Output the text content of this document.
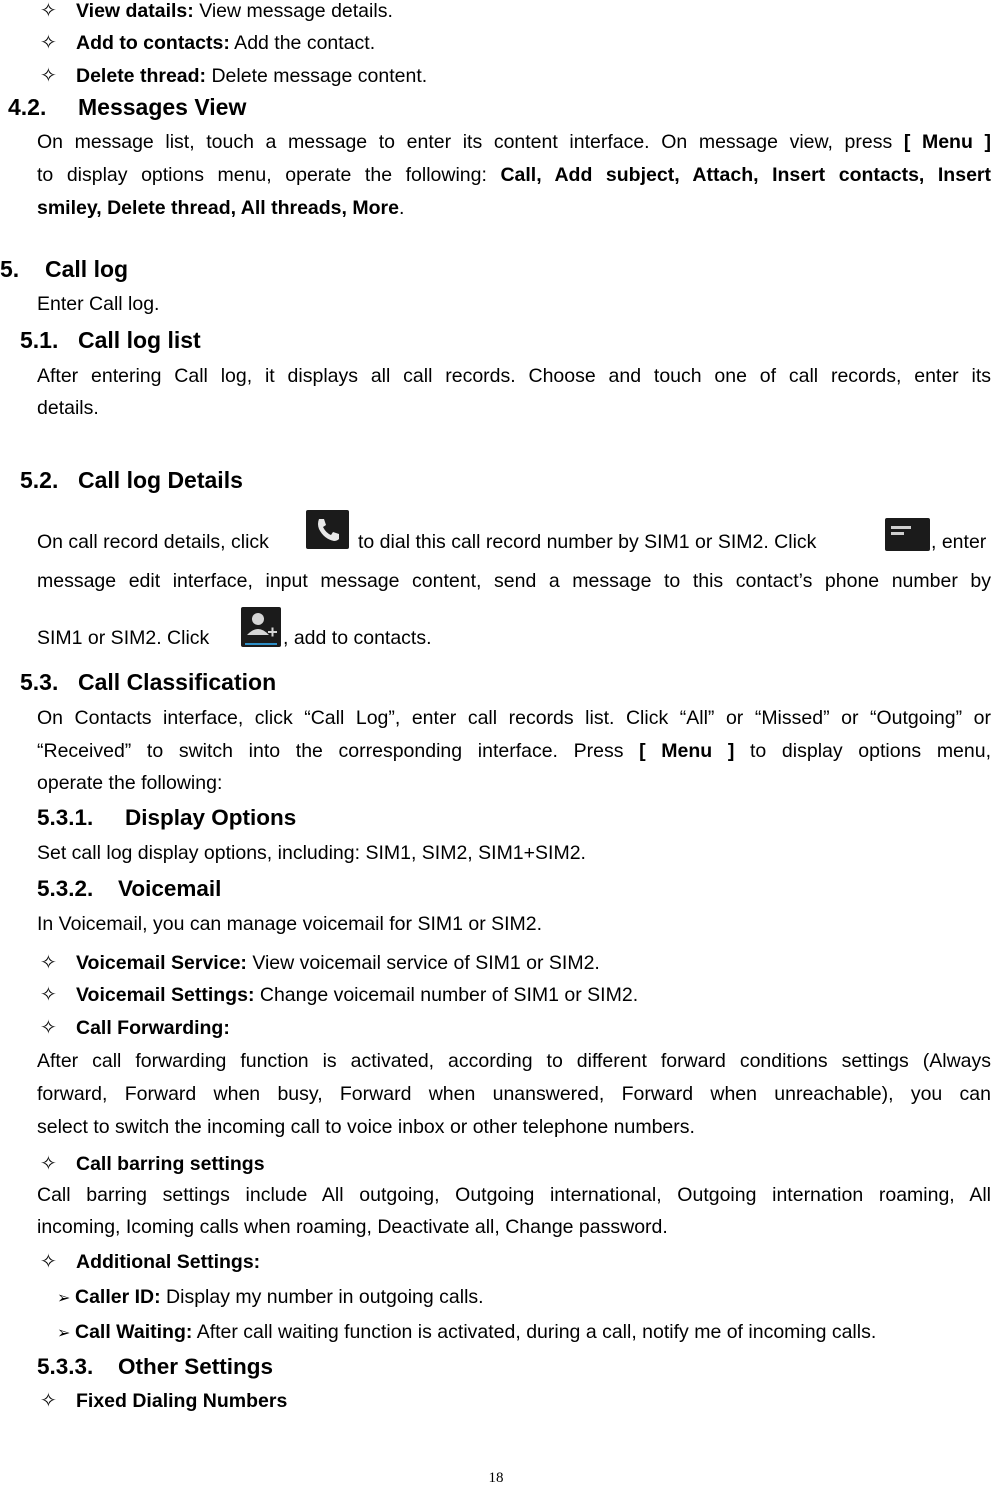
✧ View datails: View message details.
✧ Add to contacts: Add the contact.
✧ Delete thread: Delete message content.
4.2. Messages View
On message list, touch a message to enter its content interface. On message view, press [ Menu ]
to display options menu, operate the following: Call, Add subject, Attach, Insert contacts, Insert
smiley, Delete thread, All threads, More.
5. Call log
Enter Call log.
5.1. Call log list
After entering Call log, it displays all call records. Choose and touch one of call records, enter its
details.
5.2. Call log Details
On call record details, click	to dial this call record number by SIM1 or SIM2. Click	, enter
message edit interface, input message content, send a message to this contact’s phone number by
SIM1 or SIM2. Click	, add to contacts.
5.3. Call Classification
On Contacts interface, click “Call Log”, enter call records list. Click “All” or “Missed” or “Outgoing” or
“Received” to switch into the corresponding interface. Press [ Menu ] to display options menu,
operate the following:
5.3.1. Display Options
Set call log display options, including: SIM1, SIM2, SIM1+SIM2.
5.3.2. Voicemail
In Voicemail, you can manage voicemail for SIM1 or SIM2.
✧ Voicemail Service: View voicemail service of SIM1 or SIM2.
✧ Voicemail Settings: Change voicemail number of SIM1 or SIM2.
✧ Call Forwarding:
After call forwarding function is activated, according to different forward conditions settings (Always
forward, Forward when busy, Forward when unanswered, Forward when unreachable), you can
select to switch the incoming call to voice inbox or other telephone numbers.
✧ Call barring settings
Call barring settings include All outgoing, Outgoing international, Outgoing internation roaming, All
incoming, Icoming calls when roaming, Deactivate all, Change password.
✧ Additional Settings:
➢ Caller ID: Display my number in outgoing calls.
➢ Call Waiting: After call waiting function is activated, during a call, notify me of incoming calls.
5.3.3. Other Settings
✧ Fixed Dialing Numbers
18
